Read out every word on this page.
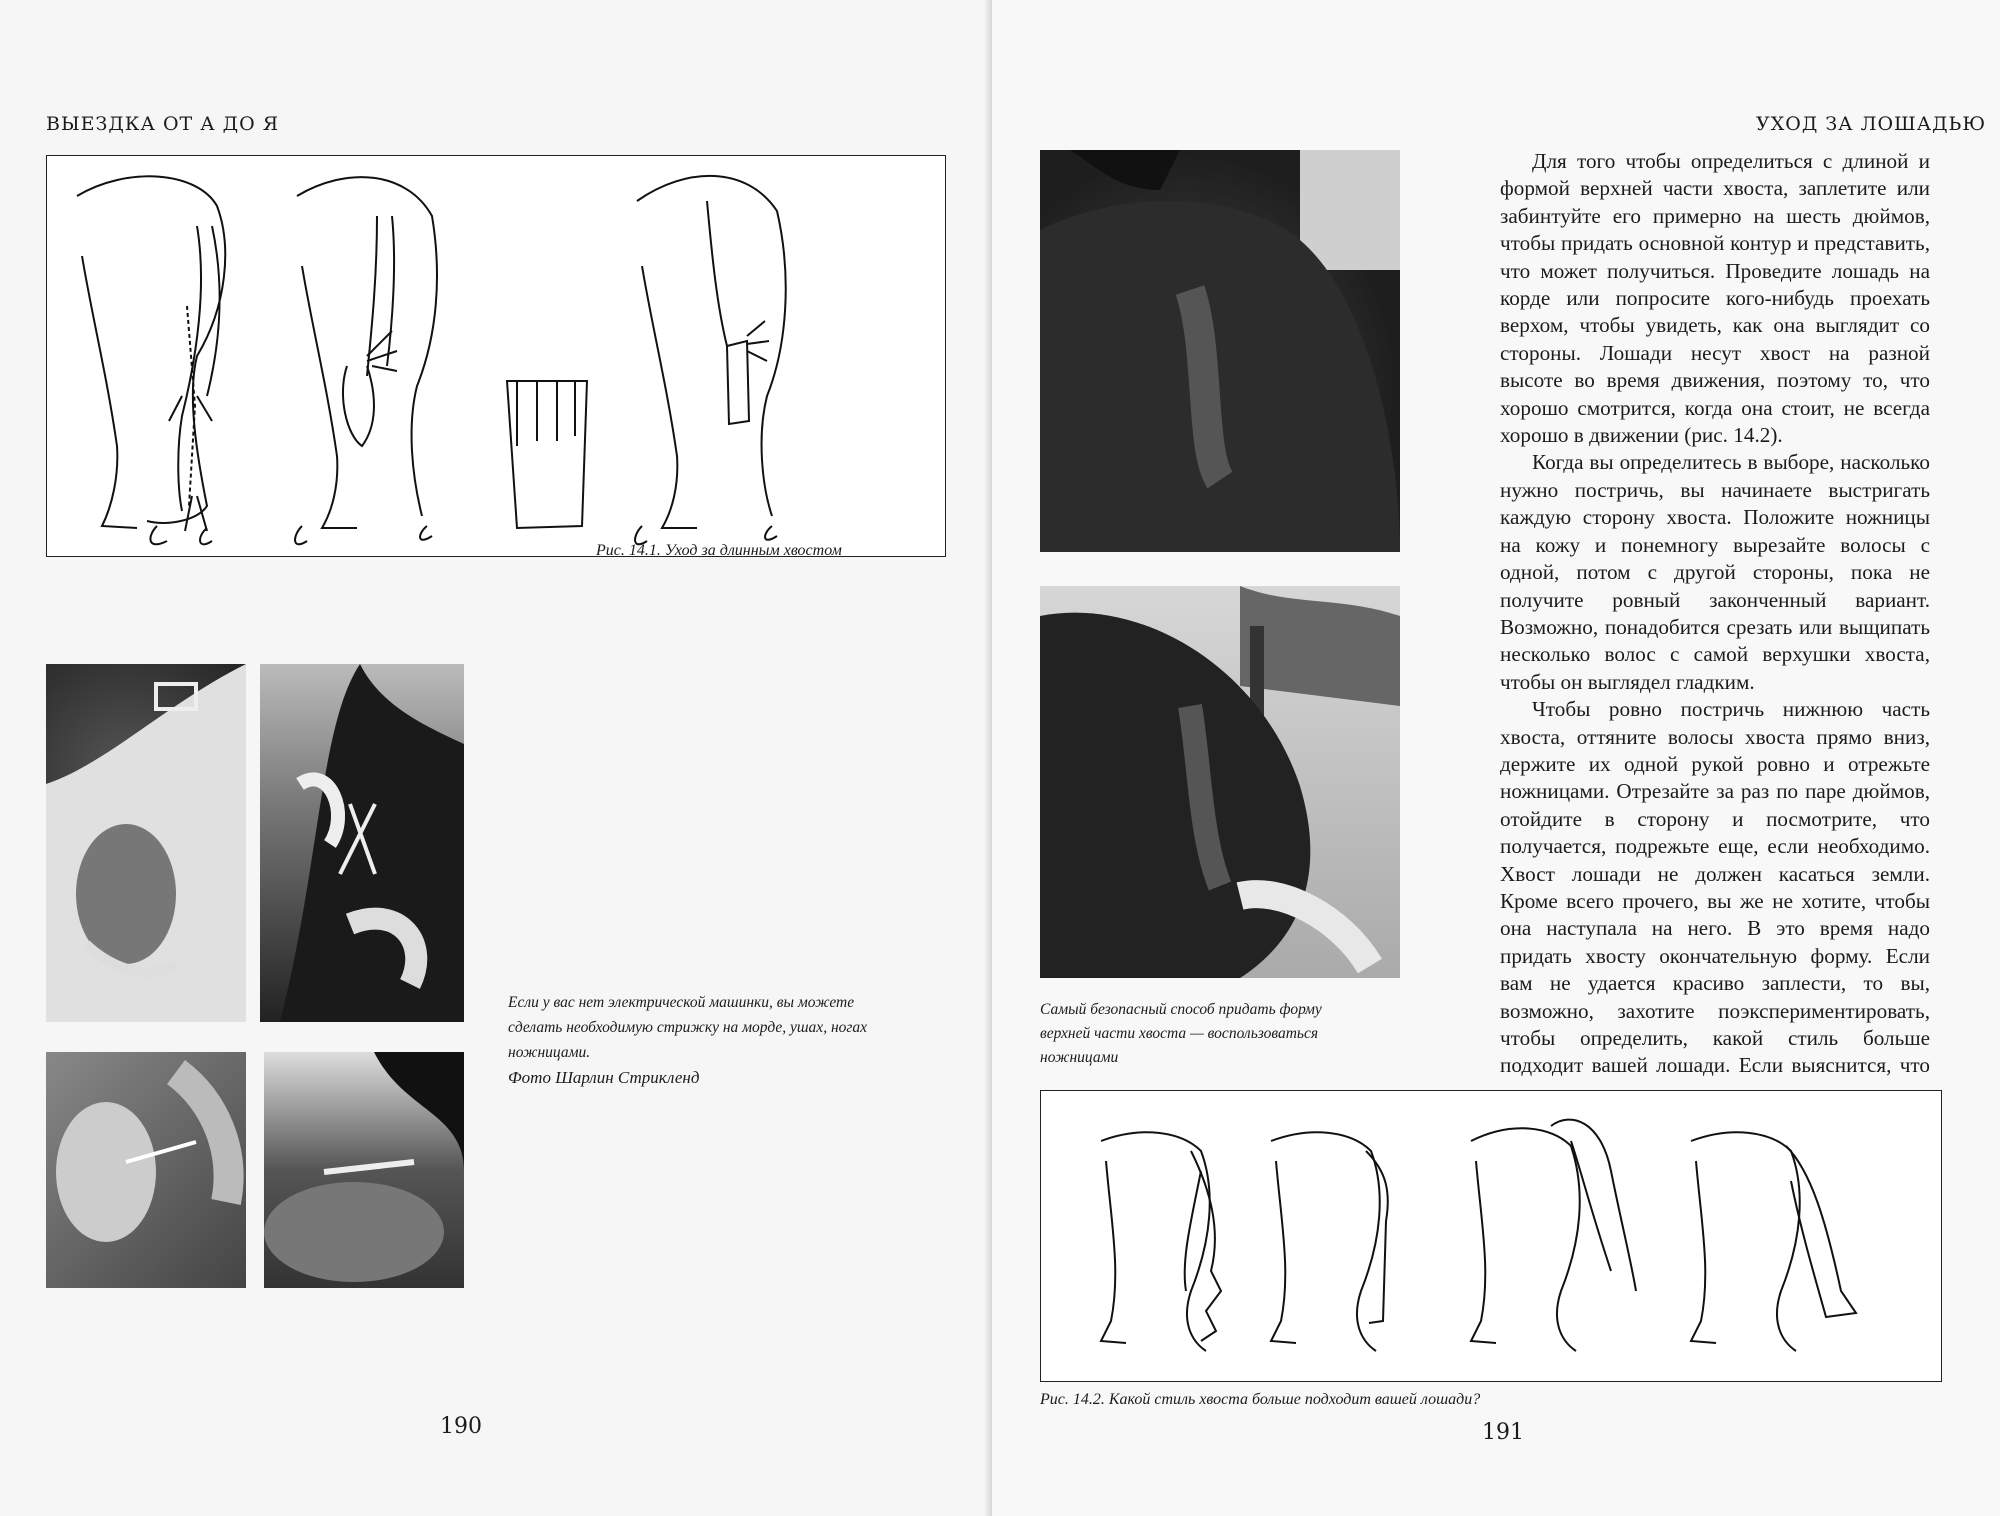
ВЫЕЗДКА ОТ А ДО Я
Рис. 14.1. Уход за длинным хвостом
Если у вас нет электрической машинки, вы можете
сделать необходимую стрижку на морде, ушах, ногах
ножницами.
Фото Шарлин Стрикленд
190
УХОД ЗА ЛОШАДЬЮ
Самый безопасный способ придать форму
верхней части хвоста — воспользоваться
ножницами

Для того чтобы определиться с длиной и формой верхней части хвоста, заплетите или забинтуйте его примерно на шесть дюймов, чтобы придать основной контур и представить, что может получиться. Проведите лошадь на корде или попросите кого-нибудь проехать верхом, чтобы увидеть, как она выглядит со стороны. Лошади несут хвост на разной высоте во время движения, поэтому то, что хорошо смотрится, когда она стоит, не всегда хорошо в движении (рис. 14.2).

Когда вы определитесь в выборе, насколько нужно постричь, вы начинаете выстригать каждую сторону хвоста. Положите ножницы на кожу и понемногу вырезайте волосы с одной, потом с другой стороны, пока не получите ровный законченный вариант. Возможно, понадобится срезать или выщипать несколько волос с самой верхушки хвоста, чтобы он выглядел гладким.

Чтобы ровно постричь нижнюю часть хвоста, оттяните волосы хвоста прямо вниз, держите их одной рукой ровно и отрежьте ножницами. Отрезайте за раз по паре дюймов, отойдите в сторону и посмотрите, что получается, подрежьте еще, если необходимо. Хвост лошади не должен касаться земли. Кроме всего прочего, вы же не хотите, чтобы она наступала на него. В это время надо придать хвосту окончательную форму. Если вам не удается красиво заплести, то вы, возможно, захотите поэкспериментировать, чтобы определить, какой стиль больше подходит вашей лошади. Если выяснится, что

Рис. 14.2. Какой стиль хвоста больше подходит вашей лошади?
191
